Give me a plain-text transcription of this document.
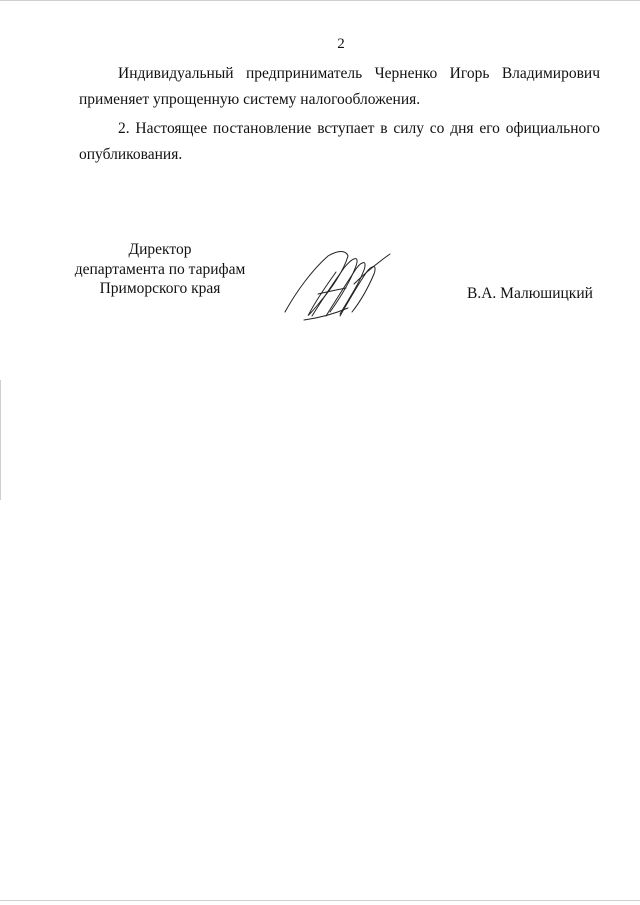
2
Индивидуальный предприниматель Черненко Игорь Владимирович
применяет упрощенную систему налогообложения.
2. Настоящее постановление вступает в силу со дня его официального
опубликования.
Директор
департамента по тарифам
Приморского края	В.А. Малюшицкий
